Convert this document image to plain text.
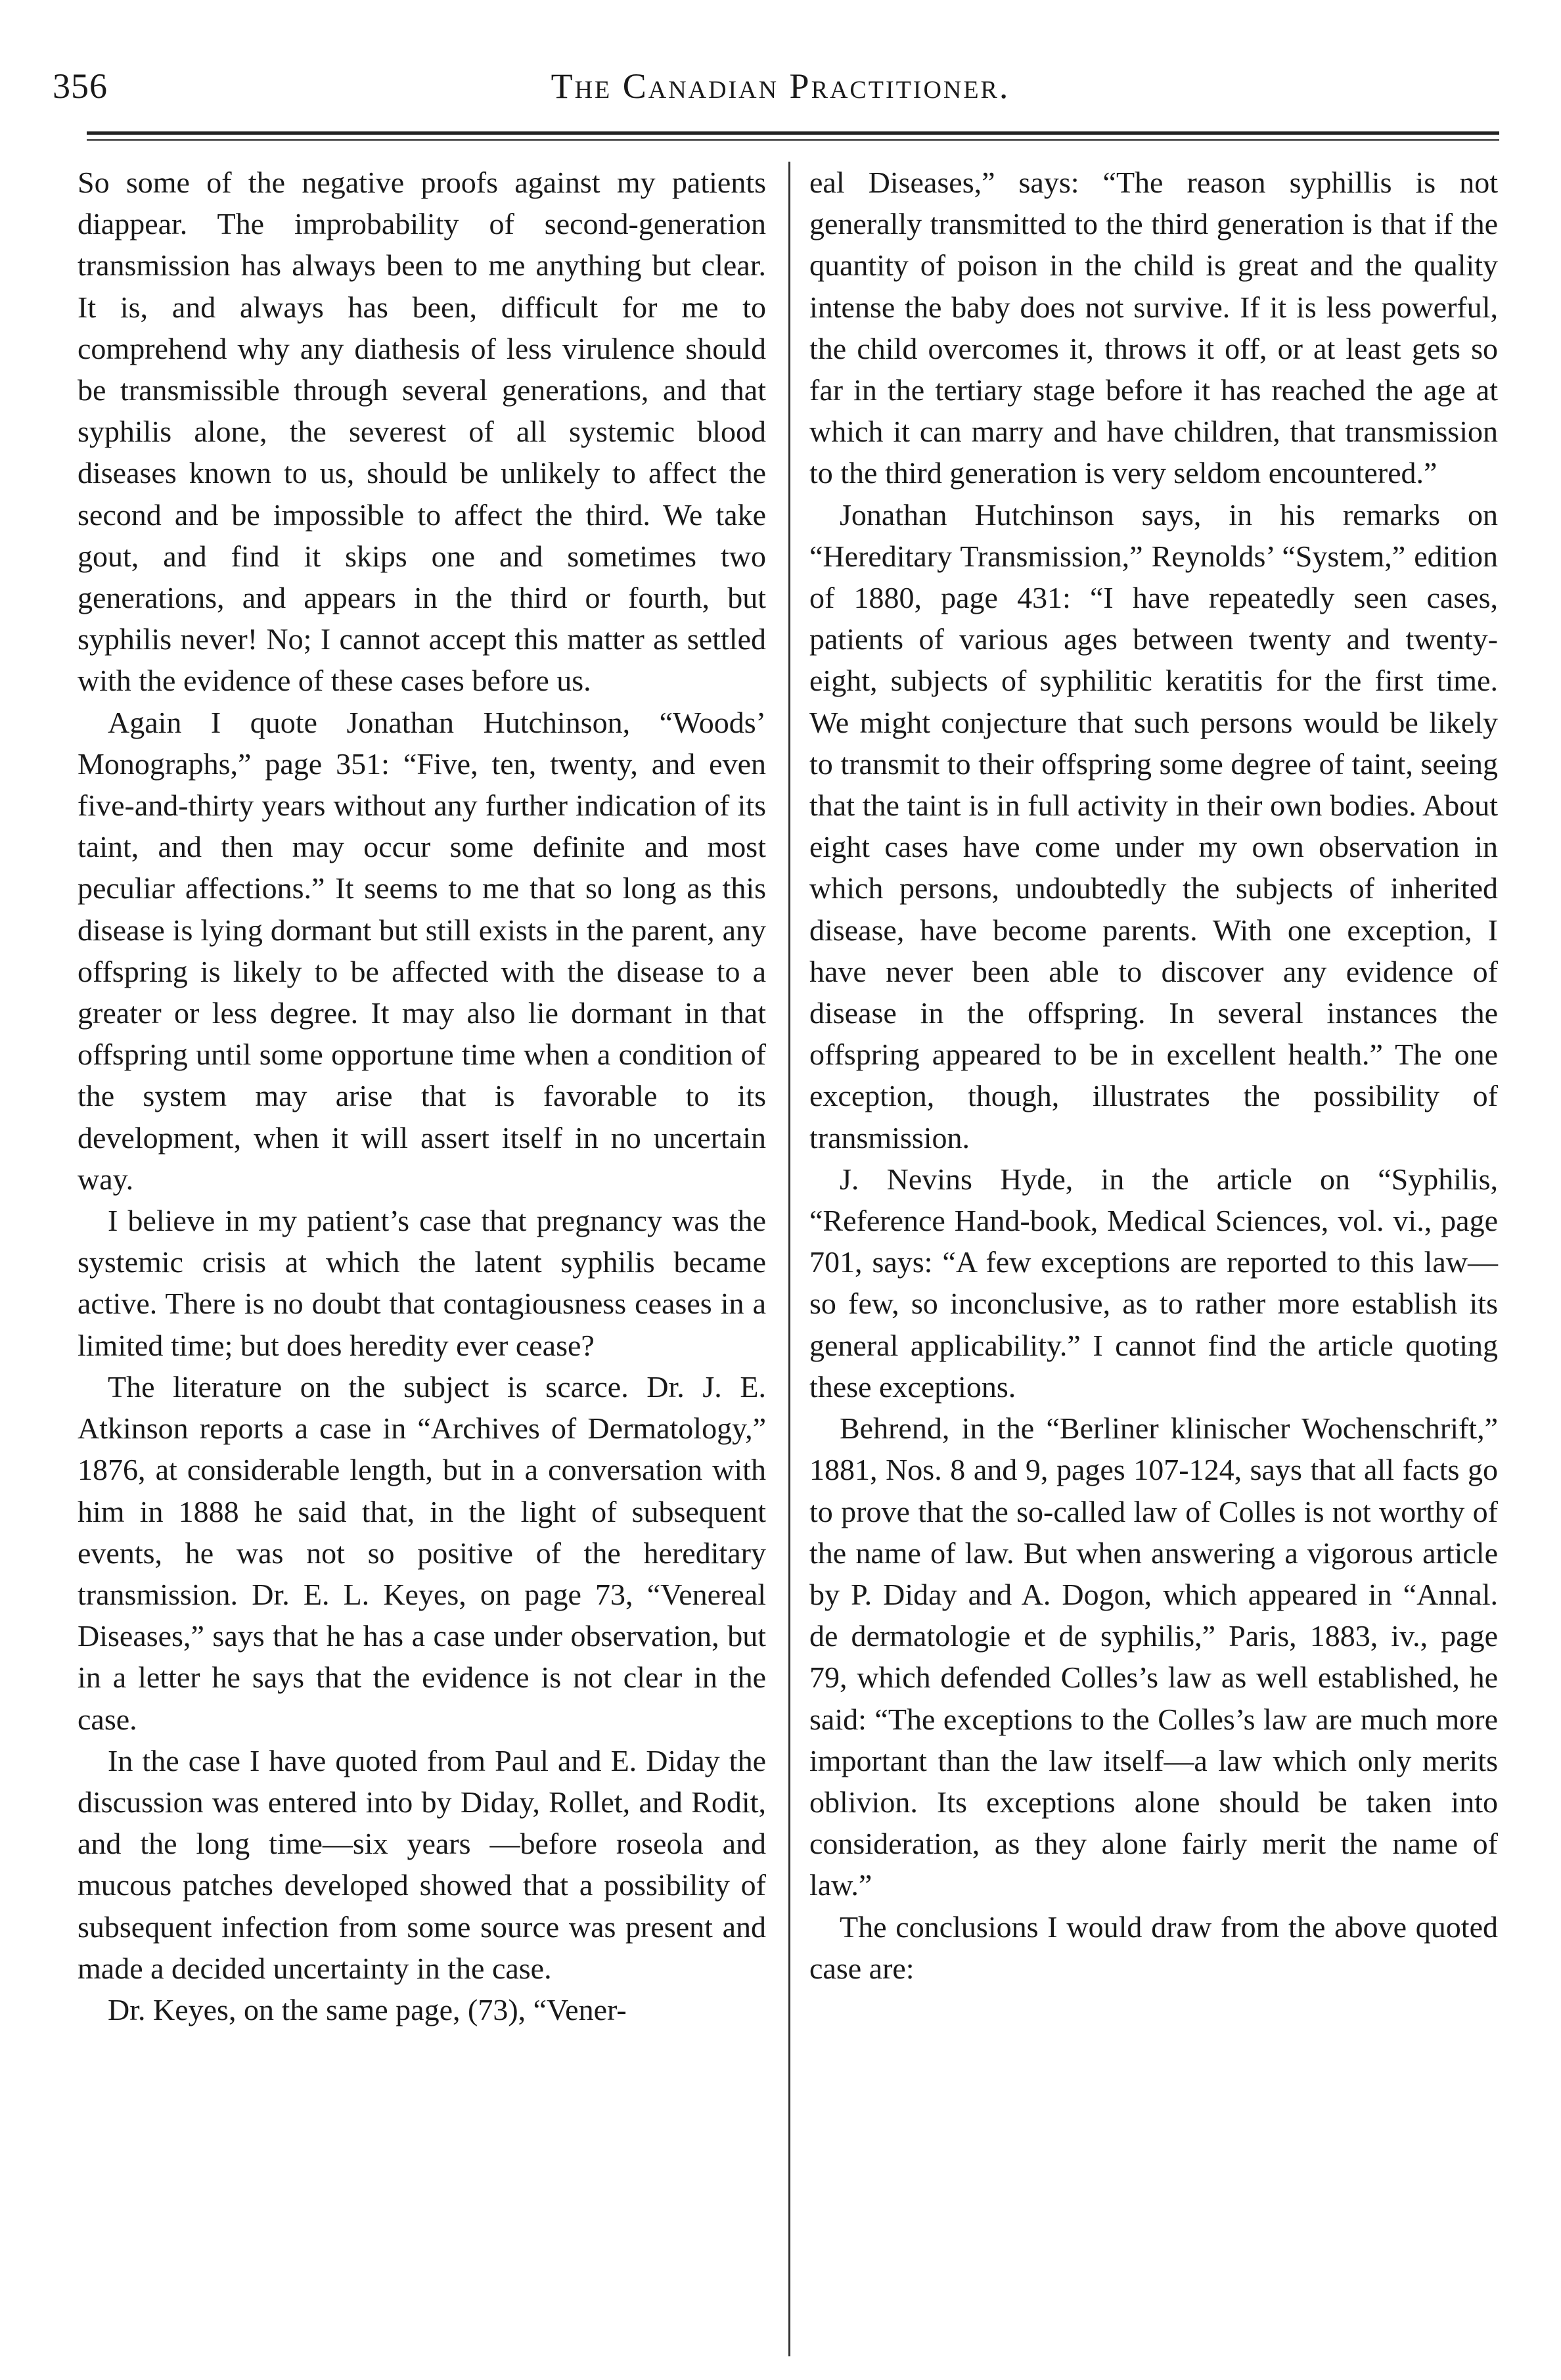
356	The Canadian Practitioner.

So some of the negative proofs against my patients diappear. The improbability of second-generation transmission has always been to me anything but clear. It is, and always has been, difficult for me to comprehend why any diathesis of less virulence should be transmissible through several generations, and that syphilis alone, the severest of all systemic blood diseases known to us, should be unlikely to affect the second and be impossible to affect the third. We take gout, and find it skips one and sometimes two generations, and appears in the third or fourth, but syphilis never! No; I cannot accept this matter as settled with the evidence of these cases before us.

Again I quote Jonathan Hutchinson, “Woods’ Monographs,” page 351: “Five, ten, twenty, and even five-and-thirty years without any further indication of its taint, and then may occur some definite and most peculiar affections.” It seems to me that so long as this disease is lying dormant but still exists in the parent, any offspring is likely to be affected with the disease to a greater or less degree. It may also lie dormant in that offspring until some opportune time when a condition of the system may arise that is favorable to its development, when it will assert itself in no uncertain way.

I believe in my patient’s case that pregnancy was the systemic crisis at which the latent syphilis became active. There is no doubt that contagiousness ceases in a limited time; but does heredity ever cease?

The literature on the subject is scarce. Dr. J. E. Atkinson reports a case in “Archives of Dermatology,” 1876, at considerable length, but in a conversation with him in 1888 he said that, in the light of subsequent events, he was not so positive of the hereditary transmission. Dr. E. L. Keyes, on page 73, “Venereal Diseases,” says that he has a case under observation, but in a letter he says that the evidence is not clear in the case.

In the case I have quoted from Paul and E. Diday the discussion was entered into by Diday, Rollet, and Rodit, and the long time—six years —before roseola and mucous patches developed showed that a possibility of subsequent infection from some source was present and made a decided uncertainty in the case.

Dr. Keyes, on the same page, (73), “Vener-

eal Diseases,” says: “The reason syphillis is not generally transmitted to the third generation is that if the quantity of poison in the child is great and the quality intense the baby does not survive. If it is less powerful, the child overcomes it, throws it off, or at least gets so far in the tertiary stage before it has reached the age at which it can marry and have children, that transmission to the third generation is very seldom encountered.”

Jonathan Hutchinson says, in his remarks on “Hereditary Transmission,” Reynolds’ “System,” edition of 1880, page 431: “I have repeatedly seen cases, patients of various ages between twenty and twenty-eight, subjects of syphilitic keratitis for the first time. We might conjecture that such persons would be likely to transmit to their offspring some degree of taint, seeing that the taint is in full activity in their own bodies. About eight cases have come under my own observation in which persons, undoubtedly the subjects of inherited disease, have become parents. With one exception, I have never been able to discover any evidence of disease in the offspring. In several instances the offspring appeared to be in excellent health.” The one exception, though, illustrates the possibility of transmission.

J. Nevins Hyde, in the article on “Syphilis, “Reference Hand-book, Medical Sciences, vol. vi., page 701, says: “A few exceptions are reported to this law—so few, so inconclusive, as to rather more establish its general applicability.” I cannot find the article quoting these exceptions.

Behrend, in the “Berliner klinischer Wochenschrift,” 1881, Nos. 8 and 9, pages 107-124, says that all facts go to prove that the so-called law of Colles is not worthy of the name of law. But when answering a vigorous article by P. Diday and A. Dogon, which appeared in “Annal. de dermatologie et de syphilis,” Paris, 1883, iv., page 79, which defended Colles’s law as well established, he said: “The exceptions to the Colles’s law are much more important than the law itself—a law which only merits oblivion. Its exceptions alone should be taken into consideration, as they alone fairly merit the name of law.”

The conclusions I would draw from the above quoted case are:
